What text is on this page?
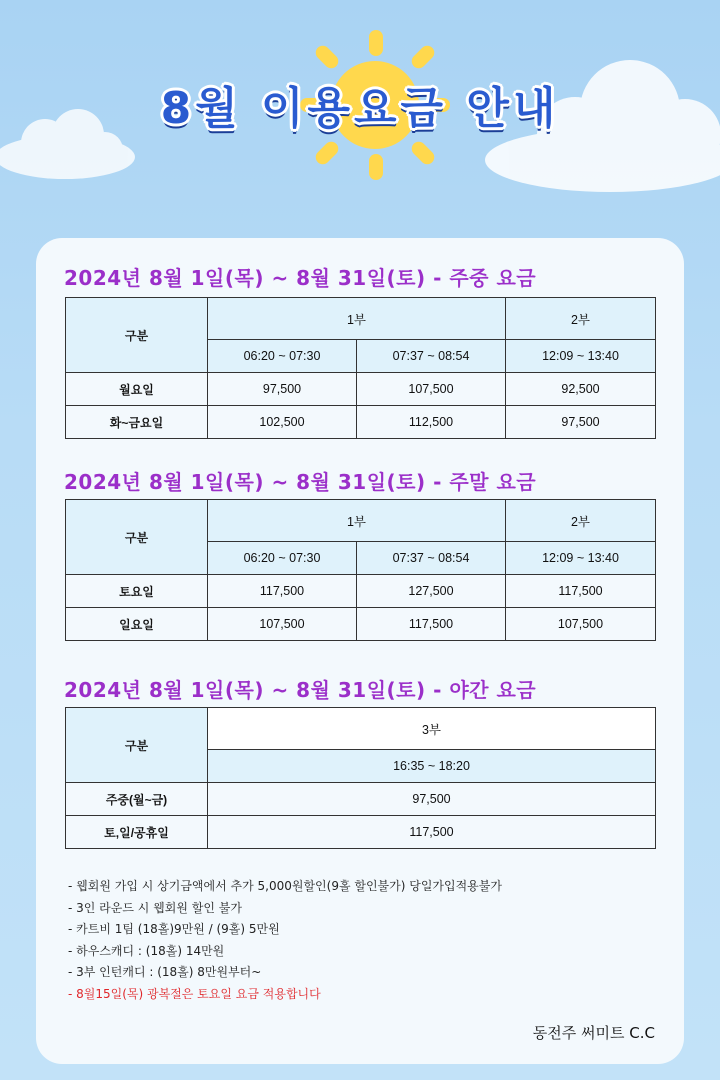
8월 이용요금 안내
2024년 8월 1일(목) ~ 8월 31일(토) - 주중 요금
구분	1부		2부
	06:20 ~ 07:30	07:37 ~ 08:54	12:09 ~ 13:40
월요일	97,500	107,500	92,500
화~금요일	102,500	112,500	97,500
2024년 8월 1일(목) ~ 8월 31일(토) - 주말 요금
구분	1부		2부
	06:20 ~ 07:30	07:37 ~ 08:54	12:09 ~ 13:40
토요일	117,500	127,500	117,500
일요일	107,500	117,500	107,500
2024년 8월 1일(목) ~ 8월 31일(토) - 야간 요금
구분	3부
	16:35 ~ 18:20
주중(월~금)	97,500
토,일/공휴일	117,500
- 웹회원 가입 시 상기금액에서 추가 5,000원할인(9홀 할인불가) 당일가입적용불가
- 3인 라운드 시 웹회원 할인 불가
- 카트비 1팀 (18홀)9만원 / (9홀) 5만원
- 하우스캐디 : (18홀) 14만원
- 3부 인턴캐디 : (18홀) 8만원부터~
- 8월15일(목) 광복절은 토요일 요금 적용합니다
동전주 써미트 C.C
